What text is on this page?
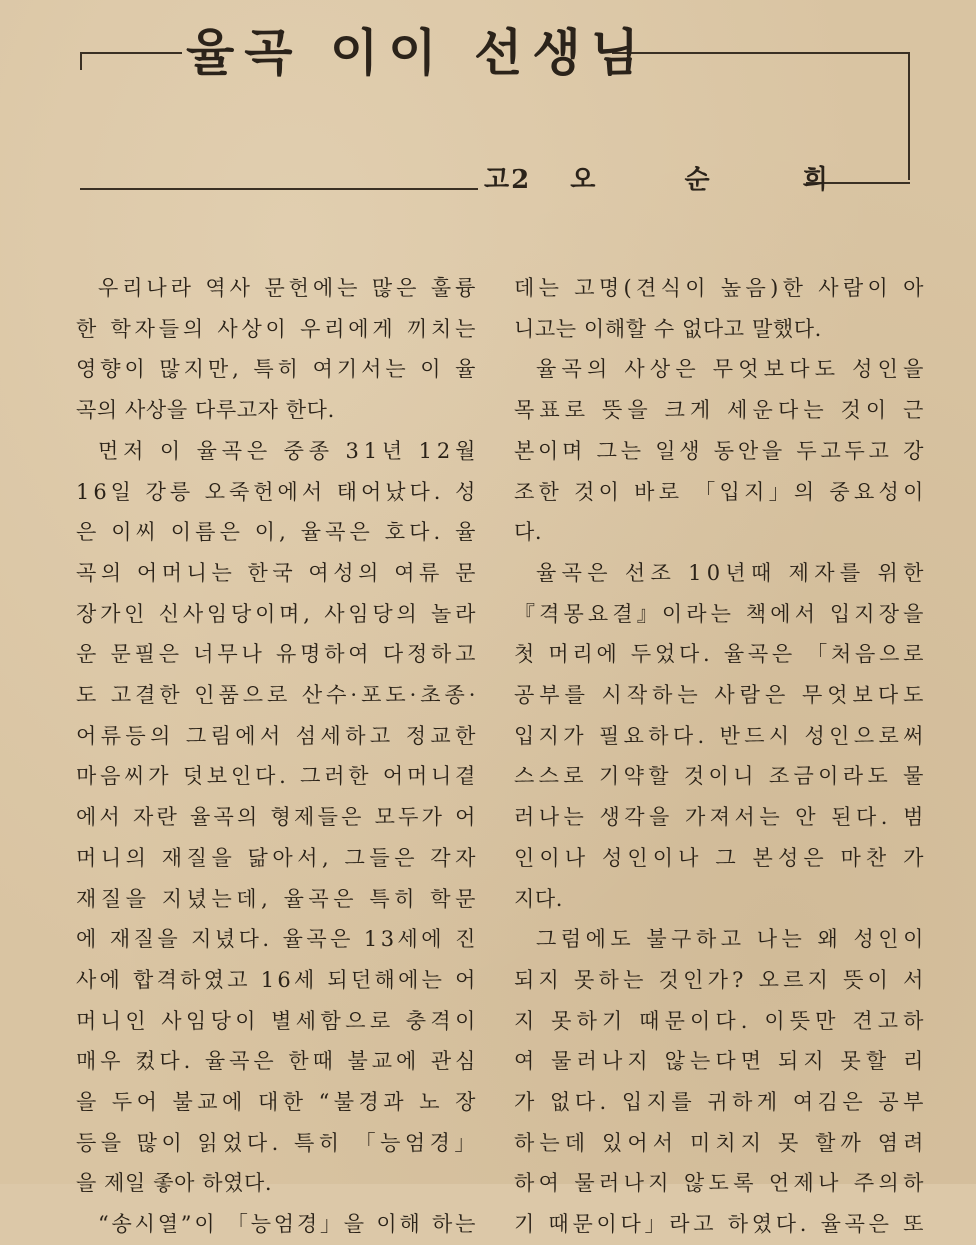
율곡 이이 선생님
고2 오	순	희

우리나라 역사 문헌에는 많은 훌륭

한 학자들의 사상이 우리에게 끼치는

영향이 많지만, 특히 여기서는 이 율

곡의 사상을 다루고자 한다.

먼저 이 율곡은 중종 31년 12월

16일 강릉 오죽헌에서 태어났다. 성

은 이씨 이름은 이, 율곡은 호다. 율

곡의 어머니는 한국 여성의 여류 문

장가인 신사임당이며, 사임당의 놀라

운 문필은 너무나 유명하여 다정하고

도 고결한 인품으로 산수·포도·초종·

어류등의 그림에서 섬세하고 정교한

마음씨가 덧보인다. 그러한 어머니곁

에서 자란 율곡의 형제들은 모두가 어

머니의 재질을 닮아서, 그들은 각자

재질을 지녔는데, 율곡은 특히 학문

에 재질을 지녔다. 율곡은 13세에 진

사에 합격하였고 16세 되던해에는 어

머니인 사임당이 별세함으로 충격이

매우 컸다. 율곡은 한때 불교에 관심

을 두어 불교에 대한 “불경과 노 장

등을 많이 읽었다. 특히 「능엄경」

을 제일 좋아 하였다.

“송시열”이 「능엄경」을 이해 하는

데는 고명(견식이 높음)한 사람이 아

니고는 이해할 수 없다고 말했다.

율곡의 사상은 무엇보다도 성인을

목표로 뜻을 크게 세운다는 것이 근

본이며 그는 일생 동안을 두고두고 강

조한 것이 바로 「입지」의 중요성이

다.

율곡은 선조 10년때 제자를 위한

『격몽요결』이라는 책에서 입지장을

첫 머리에 두었다. 율곡은 「처음으로

공부를 시작하는 사람은 무엇보다도

입지가 필요하다. 반드시 성인으로써

스스로 기약할 것이니 조금이라도 물

러나는 생각을 가져서는 안 된다. 범

인이나 성인이나 그 본성은 마찬 가

지다.

그럼에도 불구하고 나는 왜 성인이

되지 못하는 것인가? 오르지 뜻이 서

지 못하기 때문이다. 이뜻만 견고하

여 물러나지 않는다면 되지 못할 리

가 없다. 입지를 귀하게 여김은 공부

하는데 있어서 미치지 못 할까 염려

하여 물러나지 않도록 언제나 주의하

기 때문이다」라고 하였다. 율곡은 또
